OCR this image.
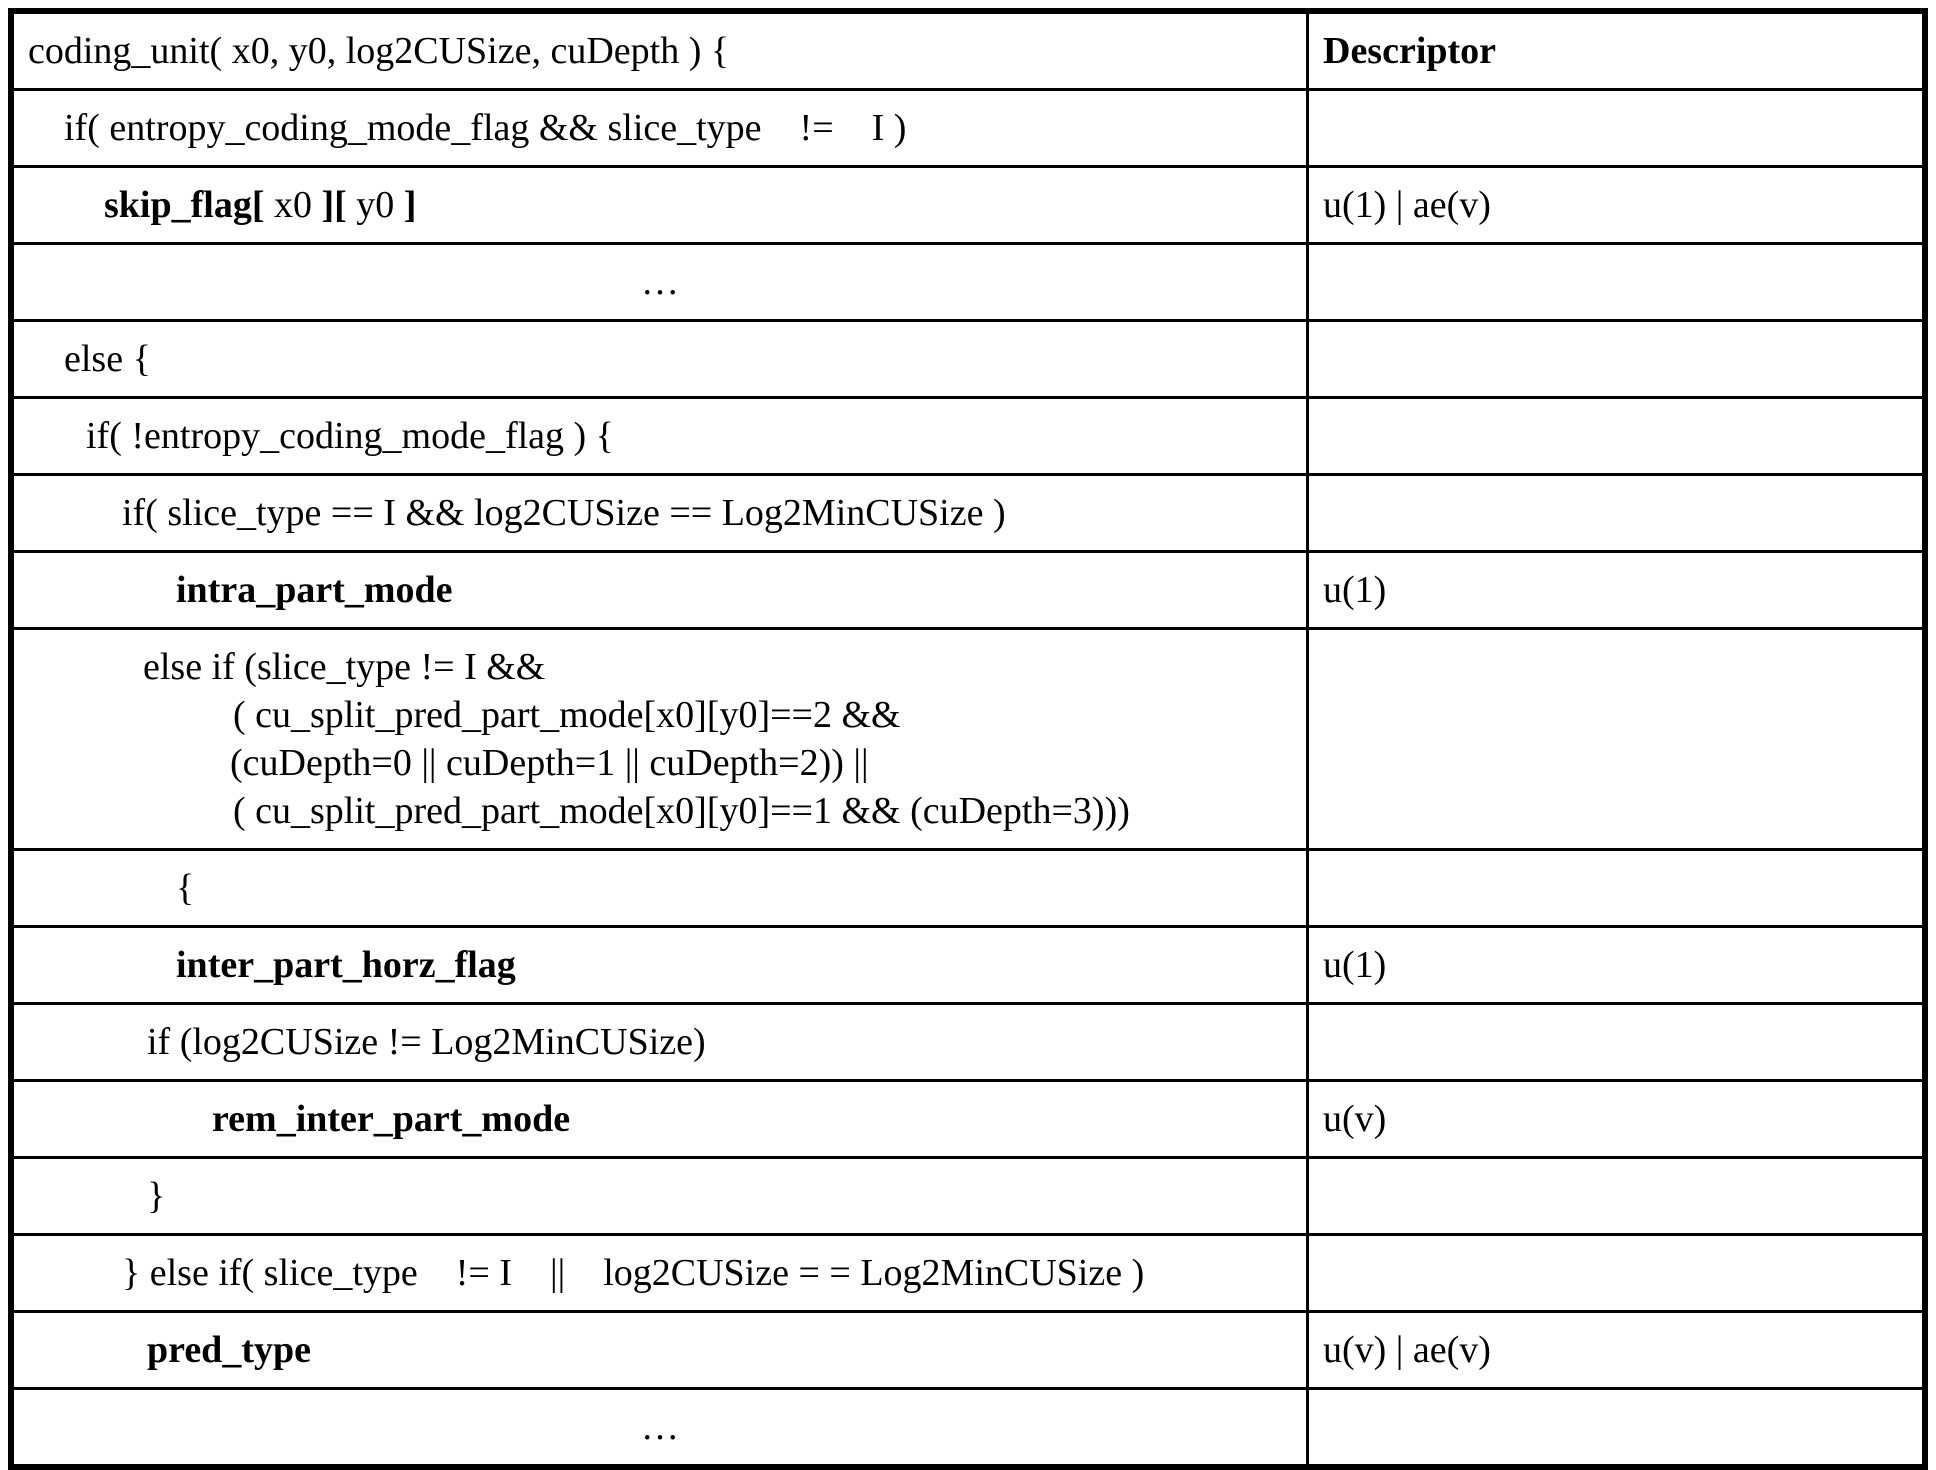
coding_unit( x0, y0, log2CUSize, cuDepth ) {	Descriptor

if( entropy_coding_mode_flag && slice_type    !=    I )	

skip_flag[ x0 ][ y0 ]	u(1) | ae(v)

…	

else {	

if( !entropy_coding_mode_flag ) {	

if( slice_type == I && log2CUSize == Log2MinCUSize )	

intra_part_mode	u(1)

else if (slice_type != I &&
( cu_split_pred_part_mode[x0][y0]==2 &&
(cuDepth=0 || cuDepth=1 || cuDepth=2)) ||
( cu_split_pred_part_mode[x0][y0]==1 && (cuDepth=3)))	

{	

inter_part_horz_flag	u(1)

if (log2CUSize != Log2MinCUSize)	

rem_inter_part_mode	u(v)

}	

} else if( slice_type    != I    ||    log2CUSize = = Log2MinCUSize )	

pred_type	u(v) | ae(v)

…	
